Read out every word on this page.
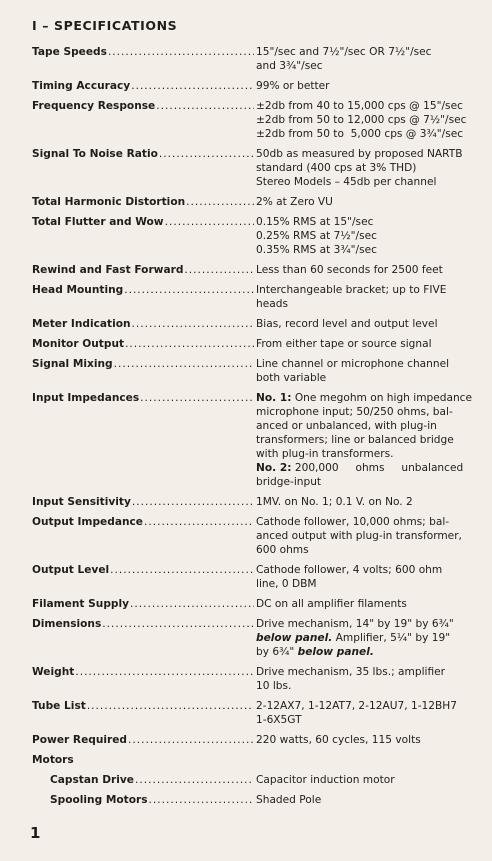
I – SPECIFICATIONS
Tape Speeds .....	15"/sec and 7½"/sec OR 7½"/sec
and 3¾"/sec
Timing Accuracy .....	99% or better
Frequency Response .....	±2db from 40 to 15,000 cps @ 15"/sec
±2db from 50 to 12,000 cps @ 7½"/sec
±2db from 50 to  5,000 cps @ 3¾"/sec
Signal To Noise Ratio .....	50db as measured by proposed NARTB
standard (400 cps at 3% THD)
Stereo Models – 45db per channel
Total Harmonic Distortion .....	2% at Zero VU
Total Flutter and Wow .....	0.15% RMS at 15"/sec
0.25% RMS at 7½"/sec
0.35% RMS at 3¾"/sec
Rewind and Fast Forward .....	Less than 60 seconds for 2500 feet
Head Mounting .....	Interchangeable bracket; up to FIVE
heads
Meter Indication .....	Bias, record level and output level
Monitor Output .....	From either tape or source signal
Signal Mixing .....	Line channel or microphone channel
both variable
Input Impedances .....	No. 1: One megohm on high impedance
microphone input; 50/250 ohms, bal-
anced or unbalanced, with plug-in
transformers; line or balanced bridge
with plug-in transformers.
No. 2: 200,000     ohms     unbalanced
bridge-input
Input Sensitivity .....	1MV. on No. 1; 0.1 V. on No. 2
Output Impedance .....	Cathode follower, 10,000 ohms; bal-
anced output with plug-in transformer,
600 ohms
Output Level .....	Cathode follower, 4 volts; 600 ohm
line, 0 DBM
Filament Supply .....	DC on all amplifier filaments
Dimensions .....	Drive mechanism, 14" by 19" by 6¾"
below panel. Amplifier, 5¼" by 19"
by 6¾" below panel.
Weight .....	Drive mechanism, 35 lbs.; amplifier
10 lbs.
Tube List .....	2-12AX7, 1-12AT7, 2-12AU7, 1-12BH7
1-6X5GT
Power Required .....	220 watts, 60 cycles, 115 volts
Motors
Capstan Drive .....	Capacitor induction motor
Spooling Motors .....	Shaded Pole
1
